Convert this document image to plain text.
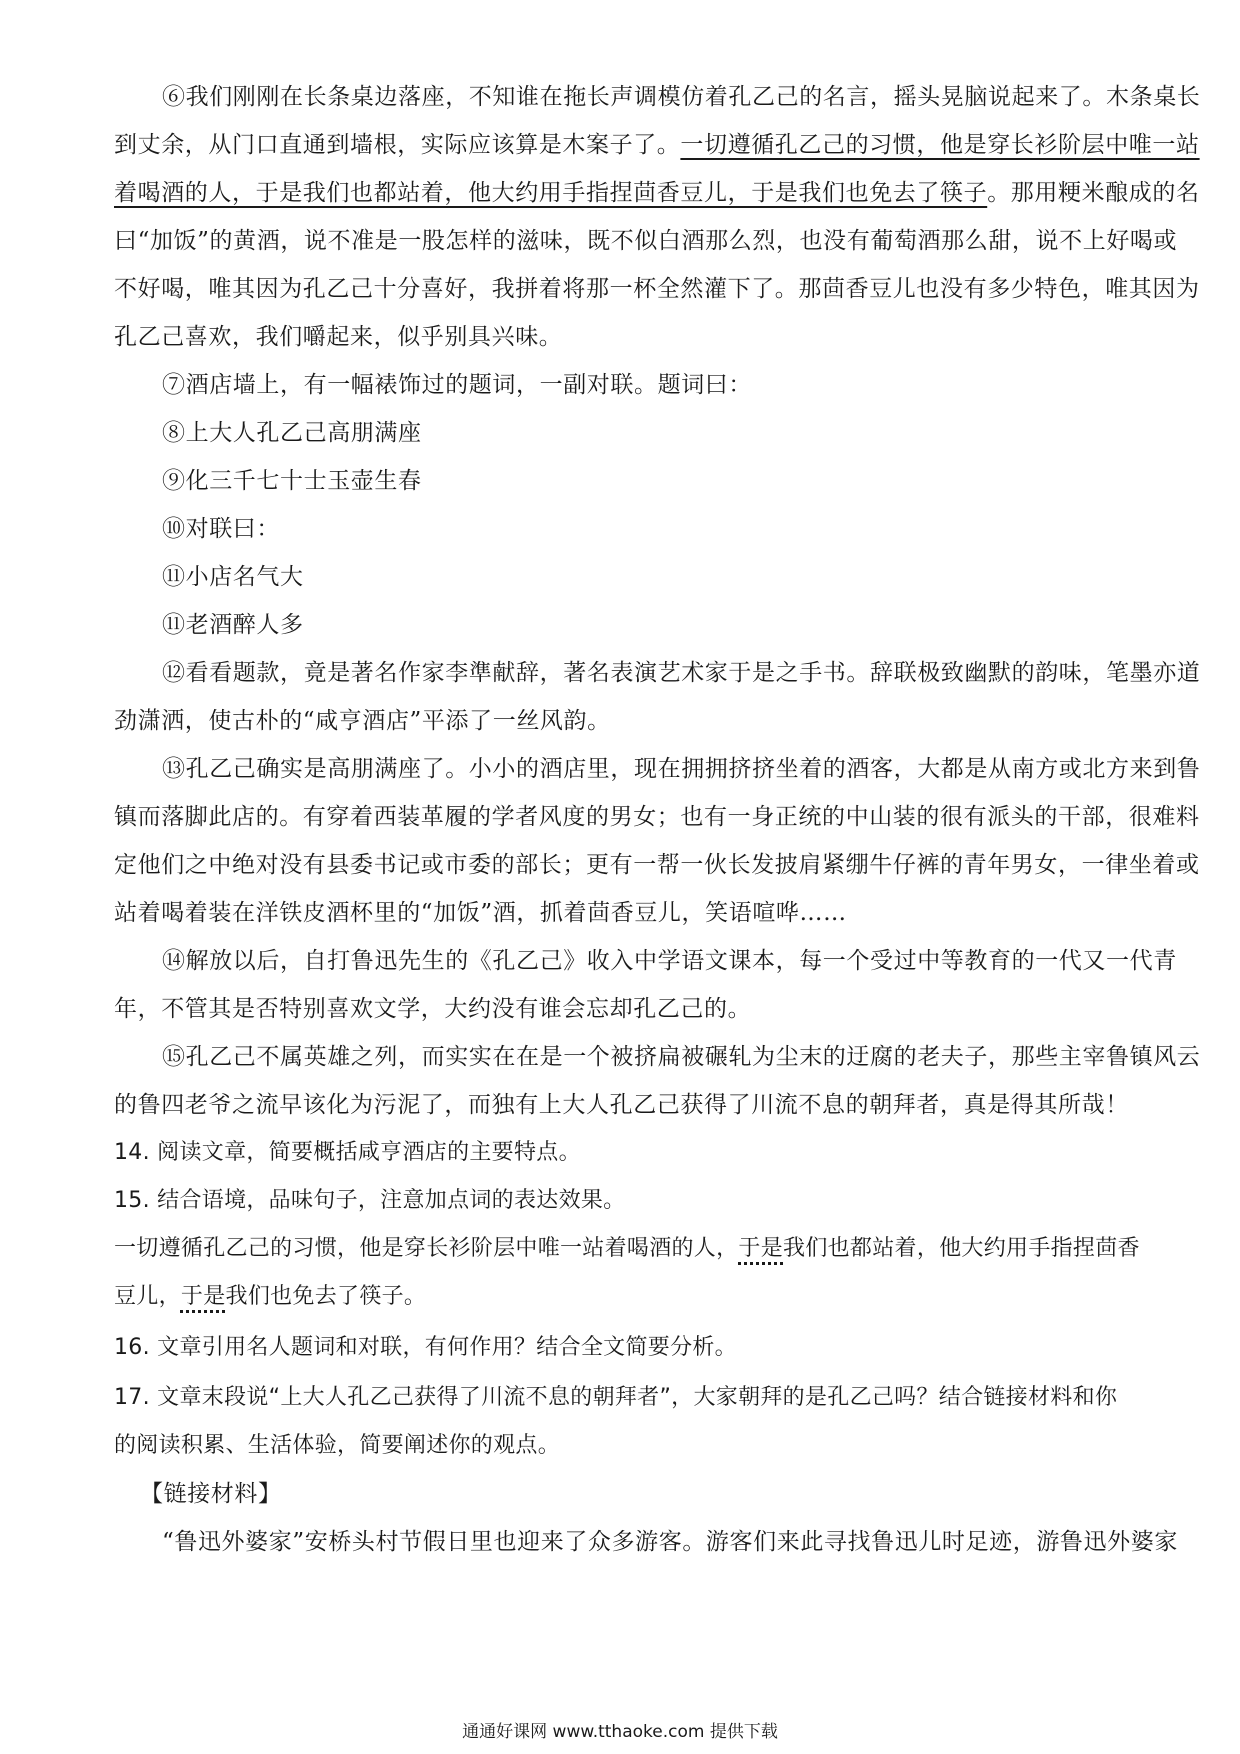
⑥我们刚刚在长条桌边落座，不知谁在拖长声调模仿着孔乙己的名言，摇头晃脑说起来了。木条桌长
到丈余，从门口直通到墙根，实际应该算是木案子了。一切遵循孔乙己的习惯，他是穿长衫阶层中唯一站
着喝酒的人，于是我们也都站着，他大约用手指捏茴香豆儿，于是我们也免去了筷子。那用粳米酿成的名
曰“加饭”的黄酒，说不准是一股怎样的滋味，既不似白酒那么烈，也没有葡萄酒那么甜，说不上好喝或
不好喝，唯其因为孔乙己十分喜好，我拼着将那一杯全然灌下了。那茴香豆儿也没有多少特色，唯其因为
孔乙己喜欢，我们嚼起来，似乎别具兴味。
⑦酒店墙上，有一幅裱饰过的题词，一副对联。题词曰：
⑧上大人孔乙己高朋满座
⑨化三千七十士玉壶生春
⑩对联曰：
⑪小店名气大
⑪老酒醉人多
⑫看看题款，竟是著名作家李準献辞，著名表演艺术家于是之手书。辞联极致幽默的韵味，笔墨亦道
劲潇洒，使古朴的“咸亨酒店”平添了一丝风韵。
⑬孔乙己确实是高朋满座了。小小的酒店里，现在拥拥挤挤坐着的酒客，大都是从南方或北方来到鲁
镇而落脚此店的。有穿着西装革履的学者风度的男女；也有一身正统的中山装的很有派头的干部，很难料
定他们之中绝对没有县委书记或市委的部长；更有一帮一伙长发披肩紧绷牛仔裤的青年男女，一律坐着或
站着喝着装在洋铁皮酒杯里的“加饭”酒，抓着茴香豆儿，笑语喧哗……
⑭解放以后，自打鲁迅先生的《孔乙己》收入中学语文课本，每一个受过中等教育的一代又一代青
年，不管其是否特别喜欢文学，大约没有谁会忘却孔乙己的。
⑮孔乙己不属英雄之列，而实实在在是一个被挤扁被碾轧为尘末的迂腐的老夫子，那些主宰鲁镇风云
的鲁四老爷之流早该化为污泥了，而独有上大人孔乙己获得了川流不息的朝拜者，真是得其所哉！
14. 阅读文章，简要概括咸亨酒店的主要特点。
15. 结合语境，品味句子，注意加点词的表达效果。
一切遵循孔乙己的习惯，他是穿长衫阶层中唯一站着喝酒的人，于是我们也都站着，他大约用手指捏茴香
豆儿，于是我们也免去了筷子。
16. 文章引用名人题词和对联，有何作用？结合全文简要分析。
17. 文章末段说“上大人孔乙己获得了川流不息的朝拜者”，大家朝拜的是孔乙己吗？结合链接材料和你
的阅读积累、生活体验，简要阐述你的观点。
【链接材料】
“鲁迅外婆家”安桥头村节假日里也迎来了众多游客。游客们来此寻找鲁迅儿时足迹，游鲁迅外婆家
通通好课网 www.tthaoke.com 提供下载
